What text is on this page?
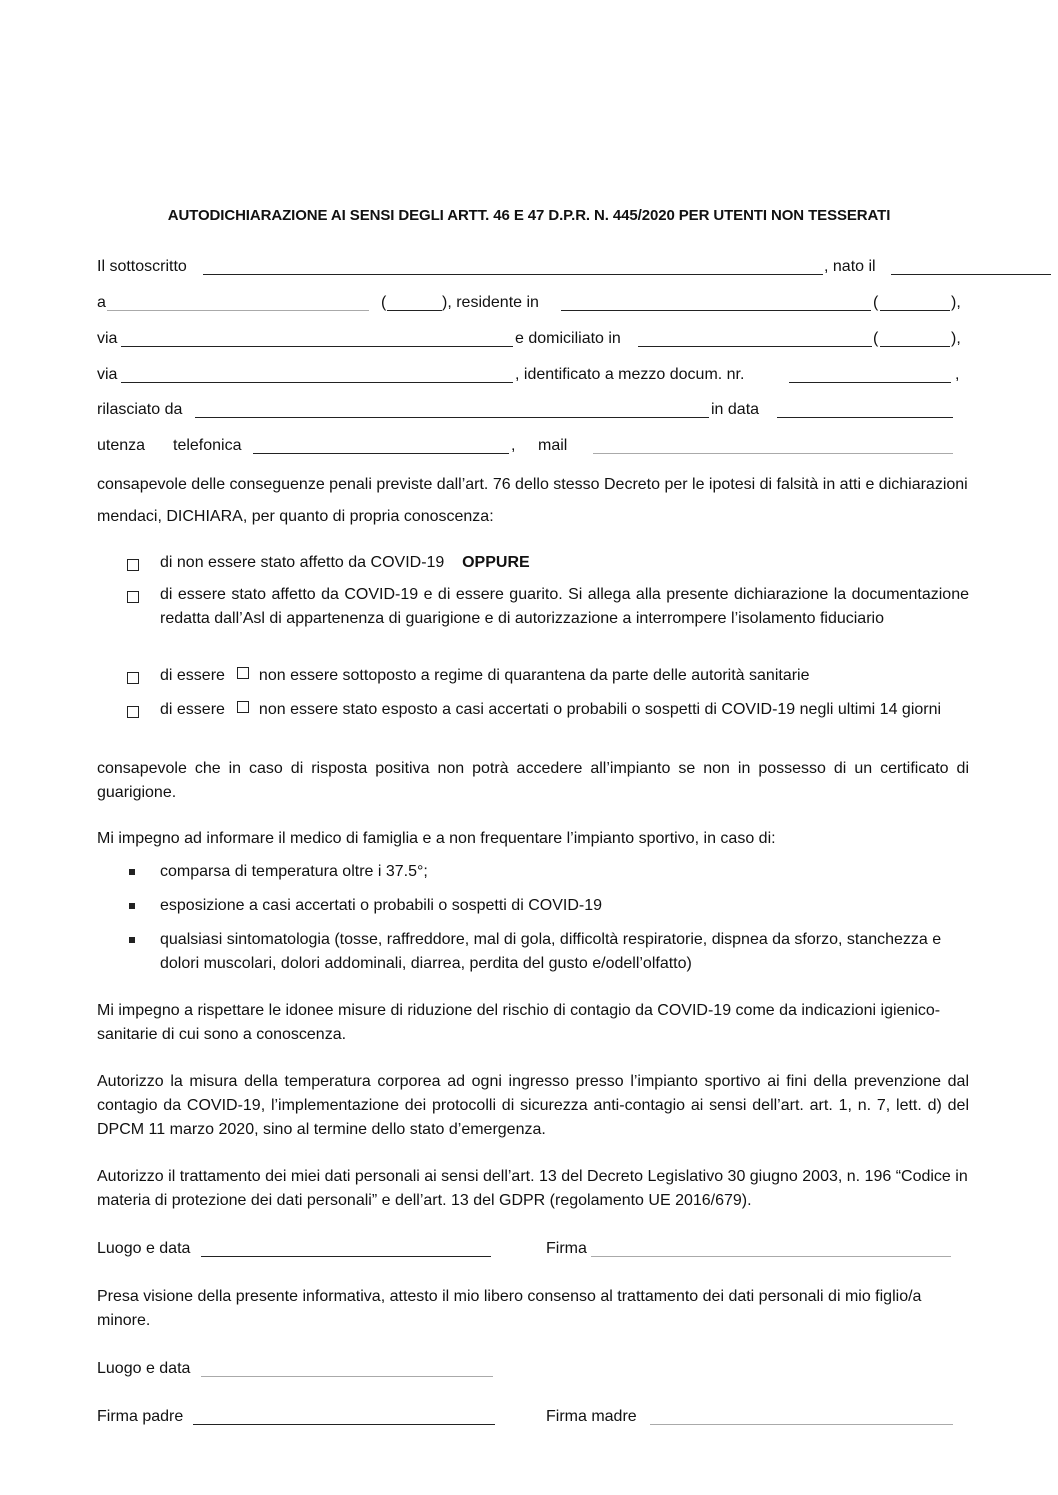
AUTODICHIARAZIONE AI SENSI DEGLI ARTT. 46 E 47 D.P.R. N. 445/2020 PER UTENTI NON TESSERATI
Il sottoscritto	, nato il
a	(	), residente in	(	),
via	e domiciliato in	(	),
via	, identificato a mezzo docum. nr.	,
rilasciato da	in data
utenza telefonica	, mail
consapevole delle conseguenze penali previste dall’art. 76 dello stesso Decreto per le ipotesi di falsità in atti e dichiarazioni mendaci, DICHIARA, per quanto di propria conoscenza:
di non essere stato affetto da COVID-19 OPPURE
di essere stato affetto da COVID-19 e di essere guarito. Si allega alla presente dichiarazione la documentazione redatta dall’Asl di appartenenza di guarigione e di autorizzazione a interrompere l’isolamento fiduciario
di essere non essere sottoposto a regime di quarantena da parte delle autorità sanitarie
di essere non essere stato esposto a casi accertati o probabili o sospetti di COVID-19 negli ultimi 14 giorni
consapevole che in caso di risposta positiva non potrà accedere all’impianto se non in possesso di un certificato di guarigione.
Mi impegno ad informare il medico di famiglia e a non frequentare l’impianto sportivo, in caso di:
comparsa di temperatura oltre i 37.5°;
esposizione a casi accertati o probabili o sospetti di COVID-19
qualsiasi sintomatologia (tosse, raffreddore, mal di gola, difficoltà respiratorie, dispnea da sforzo, stanchezza e dolori muscolari, dolori addominali, diarrea, perdita del gusto e/odell’olfatto)
Mi impegno a rispettare le idonee misure di riduzione del rischio di contagio da COVID-19 come da indicazioni igienico-sanitarie di cui sono a conoscenza.
Autorizzo la misura della temperatura corporea ad ogni ingresso presso l’impianto sportivo ai fini della prevenzione dal contagio da COVID-19, l’implementazione dei protocolli di sicurezza anti-contagio ai sensi dell’art. art. 1, n. 7, lett. d) del DPCM 11 marzo 2020, sino al termine dello stato d’emergenza.
Autorizzo il trattamento dei miei dati personali ai sensi dell’art. 13 del Decreto Legislativo 30 giugno 2003, n. 196 “Codice in materia di protezione dei dati personali” e dell’art. 13 del GDPR (regolamento UE 2016/679).
Luogo e data	Firma
Presa visione della presente informativa, attesto il mio libero consenso al trattamento dei dati personali di mio figlio/a minore.
Luogo e data
Firma padre	Firma madre
